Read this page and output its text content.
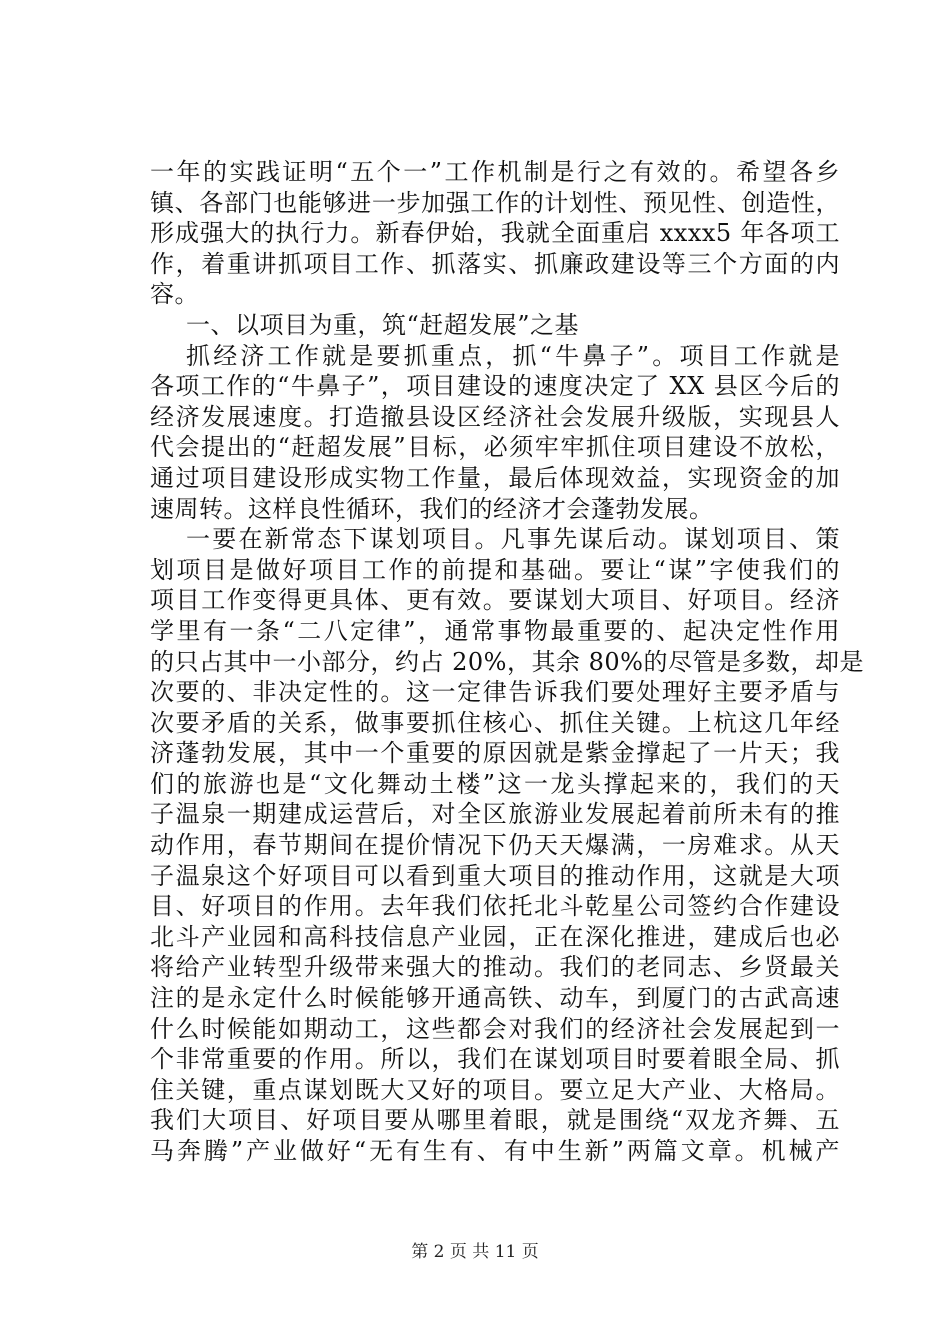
一年的实践证明“五个一”工作机制是行之有效的。希望各乡
镇、各部门也能够进一步加强工作的计划性、预见性、创造性，
形成强大的执行力。新春伊始，我就全面重启 xxxx5 年各项工
作，着重讲抓项目工作、抓落实、抓廉政建设等三个方面的内
容。
一、以项目为重，筑“赶超发展”之基
抓经济工作就是要抓重点，抓“牛鼻子”。项目工作就是
各项工作的“牛鼻子”，项目建设的速度决定了 XX 县区今后的
经济发展速度。打造撤县设区经济社会发展升级版，实现县人
代会提出的“赶超发展”目标，必须牢牢抓住项目建设不放松，
通过项目建设形成实物工作量，最后体现效益，实现资金的加
速周转。这样良性循环，我们的经济才会蓬勃发展。
一要在新常态下谋划项目。凡事先谋后动。谋划项目、策
划项目是做好项目工作的前提和基础。要让“谋”字使我们的
项目工作变得更具体、更有效。要谋划大项目、好项目。经济
学里有一条“二八定律”，通常事物最重要的、起决定性作用
的只占其中一小部分，约占 20%，其余 80%的尽管是多数，却是
次要的、非决定性的。这一定律告诉我们要处理好主要矛盾与
次要矛盾的关系，做事要抓住核心、抓住关键。上杭这几年经
济蓬勃发展，其中一个重要的原因就是紫金撑起了一片天；我
们的旅游也是“文化舞动土楼”这一龙头撑起来的，我们的天
子温泉一期建成运营后，对全区旅游业发展起着前所未有的推
动作用，春节期间在提价情况下仍天天爆满，一房难求。从天
子温泉这个好项目可以看到重大项目的推动作用，这就是大项
目、好项目的作用。去年我们依托北斗乾星公司签约合作建设
北斗产业园和高科技信息产业园，正在深化推进，建成后也必
将给产业转型升级带来强大的推动。我们的老同志、乡贤最关
注的是永定什么时候能够开通高铁、动车，到厦门的古武高速
什么时候能如期动工，这些都会对我们的经济社会发展起到一
个非常重要的作用。所以，我们在谋划项目时要着眼全局、抓
住关键，重点谋划既大又好的项目。要立足大产业、大格局。
我们大项目、好项目要从哪里着眼，就是围绕“双龙齐舞、五
马奔腾”产业做好“无有生有、有中生新”两篇文章。机械产
第 2 页 共 11 页
